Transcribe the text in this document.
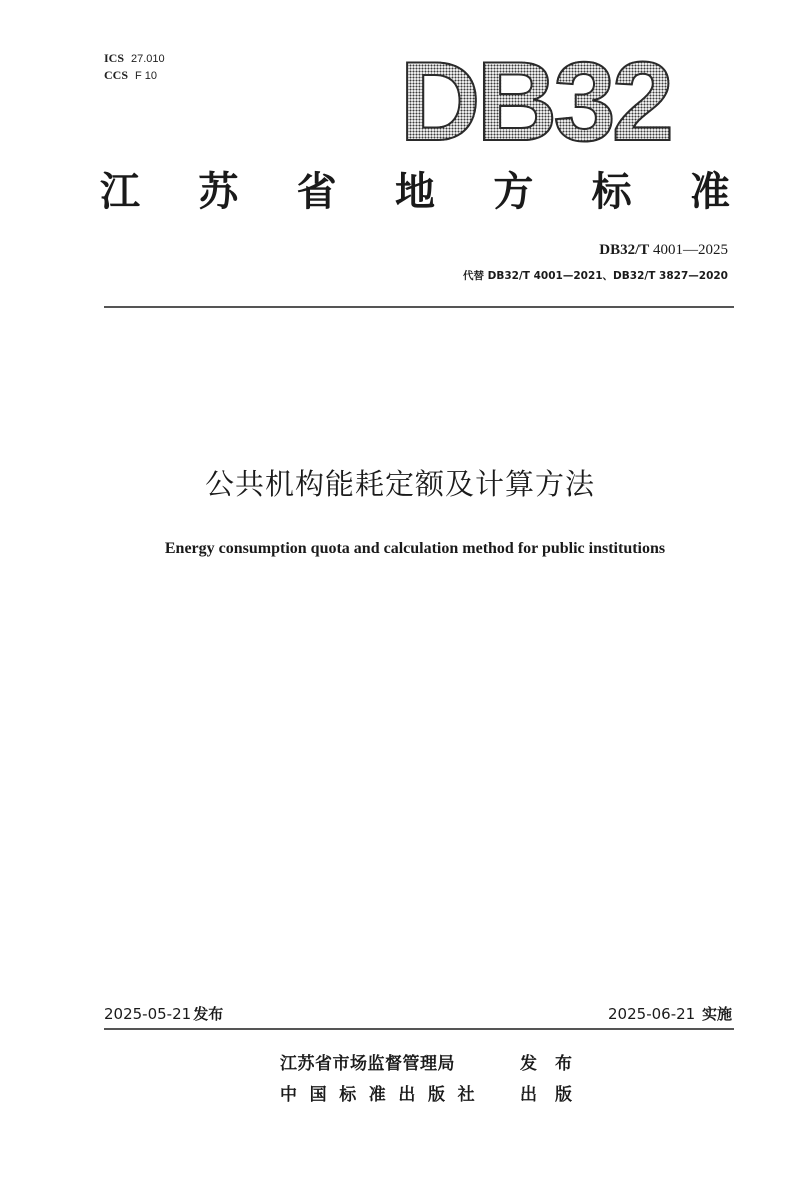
ICS 27.010
CCS F 10 DB32
江 苏 省 地 方 标 准
DB32/T 4001—2025
代替 DB32/T 4001—2021、DB32/T 3827—2020
公共机构能耗定额及计算方法
Energy consumption quota and calculation method for public institutions
2025-05-21 发布	2025-06-21 实施
江苏省市场监督管理局	发布
中国标准出版社 出版
